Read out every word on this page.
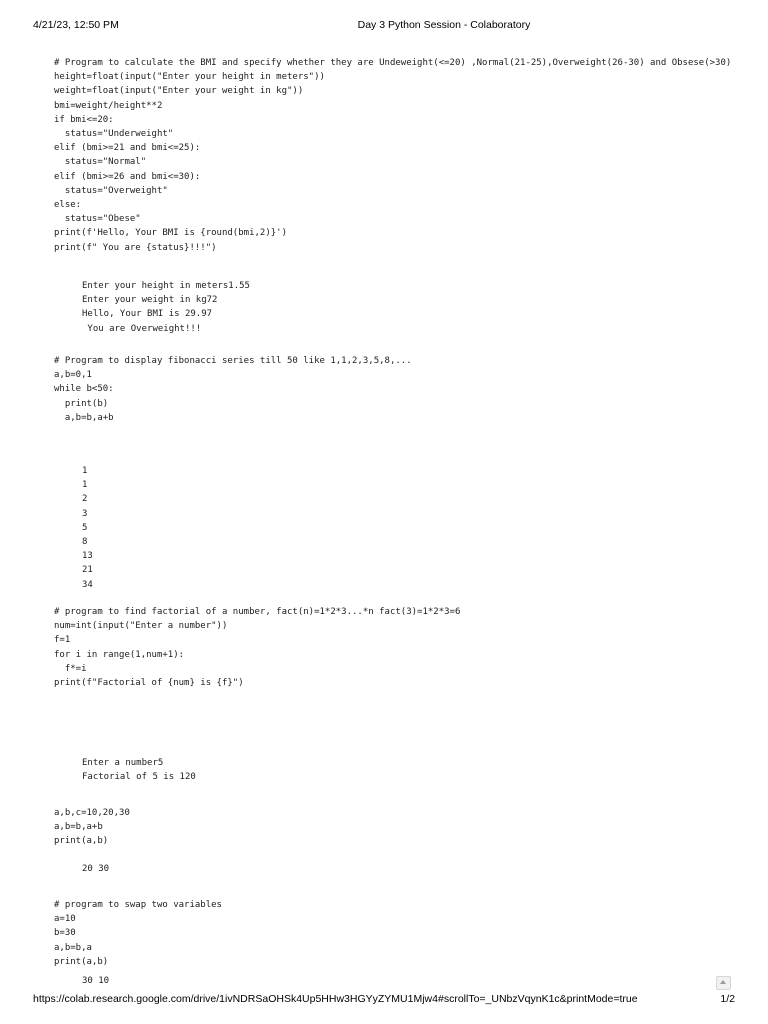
4/21/23, 12:50 PM	Day 3 Python Session - Colaboratory
# Program to calculate the BMI and specify whether they are Undeweight(<=20) ,Normal(21-25),Overweight(26-30) and Obsese(>30)
height=float(input("Enter your height in meters"))
weight=float(input("Enter your weight in kg"))
bmi=weight/height**2
if bmi<=20:
status="Underweight"
elif (bmi>=21 and bmi<=25):
status="Normal"
elif (bmi>=26 and bmi<=30):
status="Overweight"
else:
status="Obese"
print(f'Hello, Your BMI is {round(bmi,2)}')
print(f" You are {status}!!!")
Enter your height in meters1.55
Enter your weight in kg72
Hello, Your BMI is 29.97
You are Overweight!!!
# Program to display fibonacci series till 50 like 1,1,2,3,5,8,...
a,b=0,1
while b<50:
print(b)
a,b=b,a+b
1
1
2
3
5
8
13
21
34
# program to find factorial of a number, fact(n)=1*2*3...*n fact(3)=1*2*3=6
num=int(input("Enter a number"))
f=1
for i in range(1,num+1):
f*=i
print(f"Factorial of {num} is {f}")
Enter a number5
Factorial of 5 is 120
a,b,c=10,20,30
a,b=b,a+b
print(a,b)
20 30
# program to swap two variables
a=10
b=30
a,b=b,a
print(a,b)
30 10
https://colab.research.google.com/drive/1ivNDRSaOHSk4Up5HHw3HGYyZYMU1Mjw4#scrollTo=_UNbzVqynK1c&printMode=true	1/2
